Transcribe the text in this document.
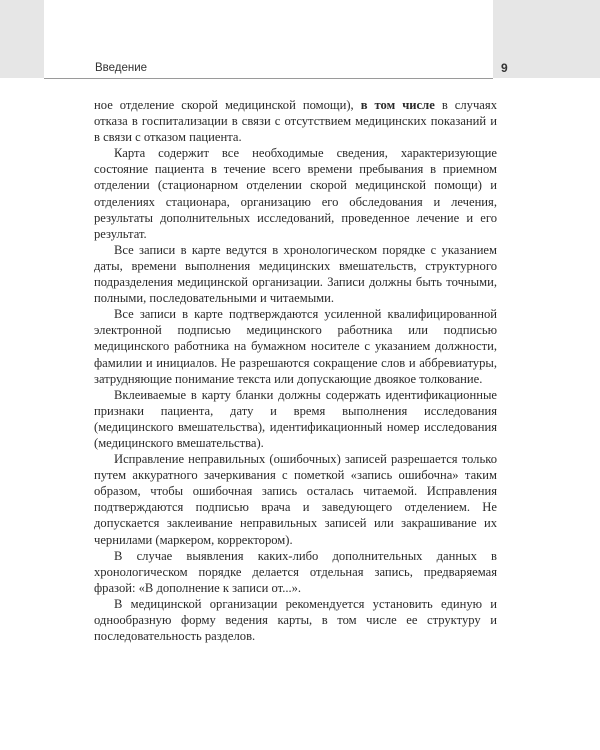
Введение	9

ное отделение скорой медицинской помощи), в том числе в случаях отказа в госпитализации в связи с отсутствием медицинских показаний и в связи с отказом пациента.

Карта содержит все необходимые сведения, характеризующие состояние пациента в течение всего времени пребывания в приемном отделении (стационарном отделении скорой медицинской помощи) и отделениях стационара, организацию его обследования и лечения, результаты дополнительных исследований, проведенное лечение и его результат.

Все записи в карте ведутся в хронологическом порядке с указанием даты, времени выполнения медицинских вмешательств, структурного подразделения медицинской организации. Записи должны быть точными, полными, последовательными и читаемыми.

Все записи в карте подтверждаются усиленной квалифицированной электронной подписью медицинского работника или подписью медицинского работника на бумажном носителе с указанием должности, фамилии и инициалов. Не разрешаются сокращение слов и аббревиатуры, затрудняющие понимание текста или допускающие двоякое толкование.

Вклеиваемые в карту бланки должны содержать идентификационные признаки пациента, дату и время выполнения исследования (медицинского вмешательства), идентификационный номер исследования (медицинского вмешательства).

Исправление неправильных (ошибочных) записей разрешается только путем аккуратного зачеркивания с пометкой «запись ошибочна» таким образом, чтобы ошибочная запись осталась читаемой. Исправления подтверждаются подписью врача и заведующего отделением. Не допускается заклеивание неправильных записей или закрашивание их чернилами (маркером, корректором).

В случае выявления каких-либо дополнительных данных в хронологическом порядке делается отдельная запись, предваряемая фразой: «В дополнение к записи от...».

В медицинской организации рекомендуется установить единую и однообразную форму ведения карты, в том числе ее структуру и последовательность разделов.
